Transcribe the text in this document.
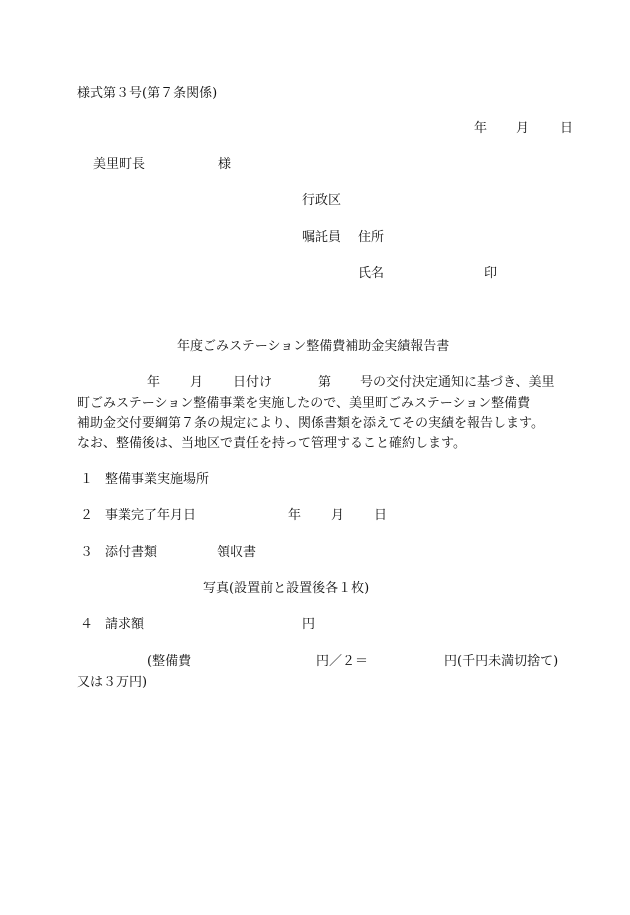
様式第３号(第７条関係)
年 月 日
美里町長	様
行政区
嘱託員 住所
氏名	印
年度ごみステーション整備費補助金実績報告書
年 月 日付け	第 号の交付決定通知に基づき、美里
町ごみステーション整備事業を実施したので、美里町ごみステーション整備費
補助金交付要綱第７条の規定により、関係書類を添えてその実績を報告します。
なお、整備後は、当地区で責任を持って管理すること確約します。
１ 整備事業実施場所
２ 事業完了年月日	年 月 日
３ 添付書類	領収書
写真(設置前と設置後各１枚)
４ 請求額	円
(整備費	円／２＝	円(千円未満切捨て)
又は３万円)
